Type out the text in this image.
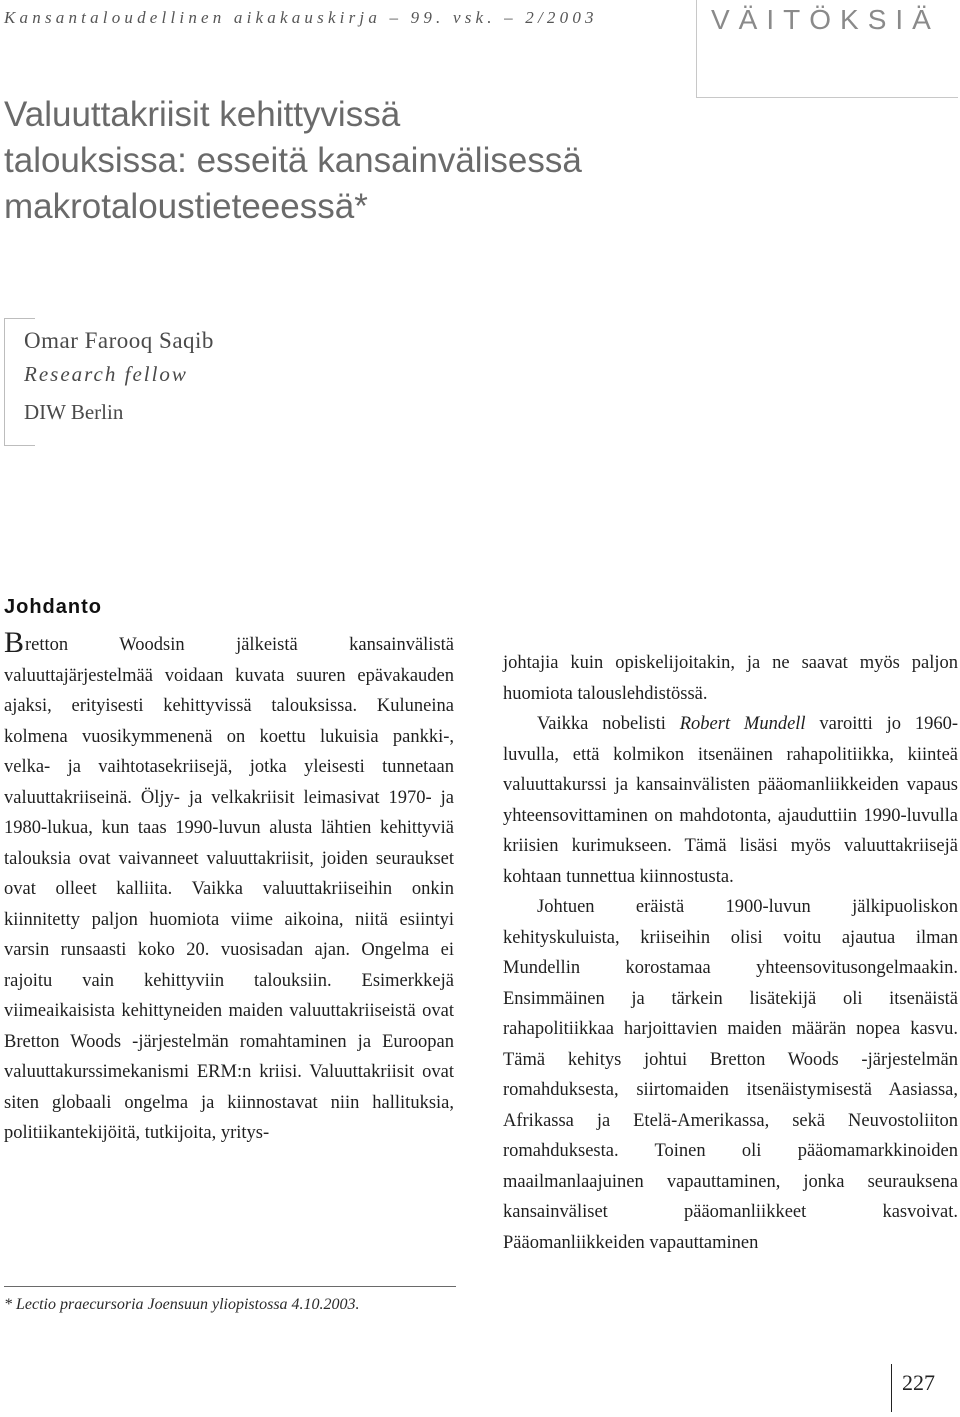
Kansantaloudellinen aikakauskirja – 99. vsk. – 2/2003	VÄITÖKSIÄ
Valuuttakriisit kehittyvissä
talouksissa: esseitä kansainvälisessä
makrotaloustieteeessä*
Omar Farooq Saqib
Research fellow
DIW Berlin
Johdanto

Bretton Woodsin jälkeistä kansainvälistä valuuttajärjestelmää voidaan kuvata suuren epävakauden ajaksi, erityisesti kehittyvissä talouksissa. Kuluneina kolmena vuosikymmenenä on koettu lukuisia pankki-, velka- ja vaihtotasekriisejä, jotka yleisesti tunnetaan valuuttakriiseinä. Öljy- ja velkakriisit leimasivat 1970- ja 1980-lukua, kun taas 1990-luvun alusta lähtien kehittyviä talouksia ovat vaivanneet valuuttakriisit, joiden seuraukset ovat olleet kalliita. Vaikka valuuttakriiseihin onkin kiinnitetty paljon huomiota viime aikoina, niitä esiintyi varsin runsaasti koko 20. vuosisadan ajan. Ongelma ei rajoitu vain kehittyviin talouksiin. Esimerkkejä viimeaikaisista kehittyneiden maiden valuuttakriiseistä ovat Bretton Woods -järjestelmän romahtaminen ja Euroopan valuuttakurssimekanismi ERM:n kriisi. Valuuttakriisit ovat siten globaali ongelma ja kiinnostavat niin hallituksia, politiikantekijöitä, tutkijoita, yritys-

johtajia kuin opiskelijoitakin, ja ne saavat myös paljon huomiota talouslehdistössä.

Vaikka nobelisti Robert Mundell varoitti jo 1960-luvulla, että kolmikon itsenäinen rahapolitiikka, kiinteä valuuttakurssi ja kansainvälisten pääomanliikkeiden vapaus yhteensovittaminen on mahdotonta, ajauduttiin 1990-luvulla kriisien kurimukseen. Tämä lisäsi myös valuuttakriisejä kohtaan tunnettua kiinnostusta.

Johtuen eräistä 1900-luvun jälkipuoliskon kehityskuluista, kriiseihin olisi voitu ajautua ilman Mundellin korostamaa yhteensovitusongelmaakin. Ensimmäinen ja tärkein lisätekijä oli itsenäistä rahapolitiikkaa harjoittavien maiden määrän nopea kasvu. Tämä kehitys johtui Bretton Woods -järjestelmän romahduksesta, siirtomaiden itsenäistymisestä Aasiassa, Afrikassa ja Etelä-Amerikassa, sekä Neuvostoliiton romahduksesta. Toinen oli pääomamarkkinoiden maailmanlaajuinen vapauttaminen, jonka seurauksena kansainväliset pääomanliikkeet kasvoivat. Pääomanliikkeiden vapauttaminen

* Lectio praecursoria Joensuun yliopistossa 4.10.2003.
227
